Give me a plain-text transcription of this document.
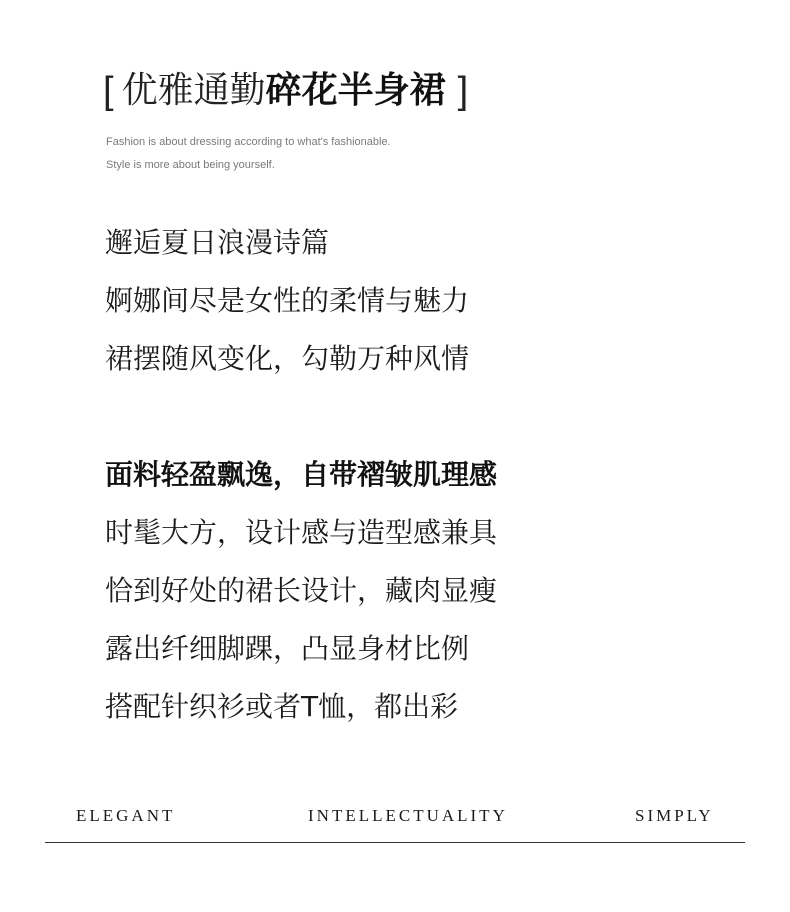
[ 优雅通勤 碎花半身裙 ]
Fashion is about dressing according to what's fashionable.
Style is more about being yourself.
邂逅夏日浪漫诗篇
婀娜间尽是女性的柔情与魅力
裙摆随风变化，勾勒万种风情
面料轻盈飘逸，自带褶皱肌理感
时髦大方，设计感与造型感兼具
恰到好处的裙长设计，藏肉显瘦
露出纤细脚踝，凸显身材比例
搭配针织衫或者T恤，都出彩
ELEGANT	INTELLECTUALITY	SIMPLY
